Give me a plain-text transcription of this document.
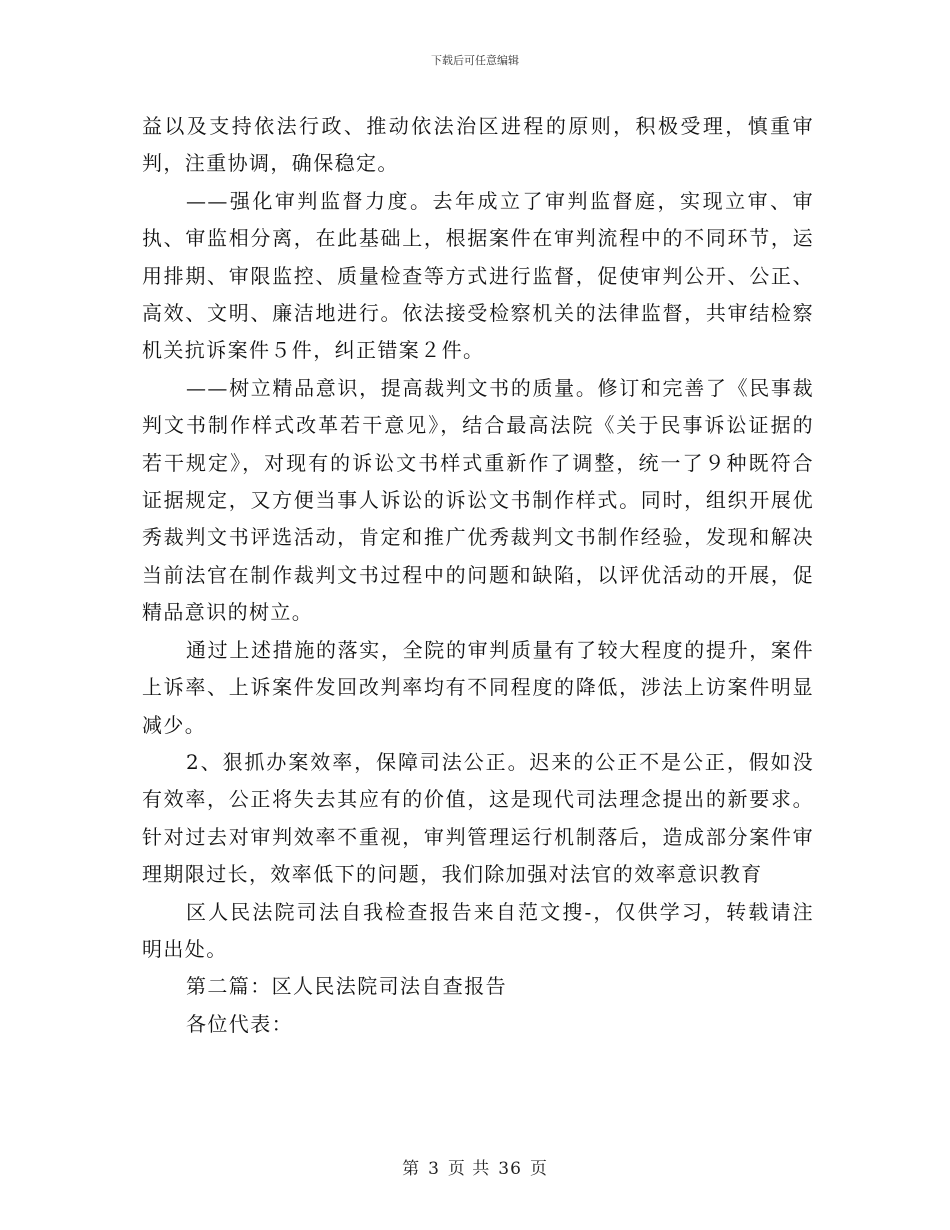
下载后可任意编辑

益以及支持依法行政、推动依法治区进程的原则，积极受理，慎重审判，注重协调，确保稳定。

——强化审判监督力度。去年成立了审判监督庭，实现立审、审执、审监相分离，在此基础上，根据案件在审判流程中的不同环节，运用排期、审限监控、质量检查等方式进行监督，促使审判公开、公正、高效、文明、廉洁地进行。依法接受检察机关的法律监督，共审结检察机关抗诉案件５件，纠正错案２件。

——树立精品意识，提高裁判文书的质量。修订和完善了《民事裁判文书制作样式改革若干意见》，结合最高法院《关于民事诉讼证据的若干规定》，对现有的诉讼文书样式重新作了调整，统一了９种既符合证据规定，又方便当事人诉讼的诉讼文书制作样式。同时，组织开展优秀裁判文书评选活动，肯定和推广优秀裁判文书制作经验，发现和解决当前法官在制作裁判文书过程中的问题和缺陷，以评优活动的开展，促精品意识的树立。

通过上述措施的落实，全院的审判质量有了较大程度的提升，案件上诉率、上诉案件发回改判率均有不同程度的降低，涉法上访案件明显减少。

2、狠抓办案效率，保障司法公正。迟来的公正不是公正，假如没有效率，公正将失去其应有的价值，这是现代司法理念提出的新要求。针对过去对审判效率不重视，审判管理运行机制落后，造成部分案件审理期限过长，效率低下的问题，我们除加强对法官的效率意识教育

区人民法院司法自我检查报告来自范文搜-，仅供学习，转载请注明出处。

第二篇：区人民法院司法自查报告

各位代表：

第 3 页 共 36 页
